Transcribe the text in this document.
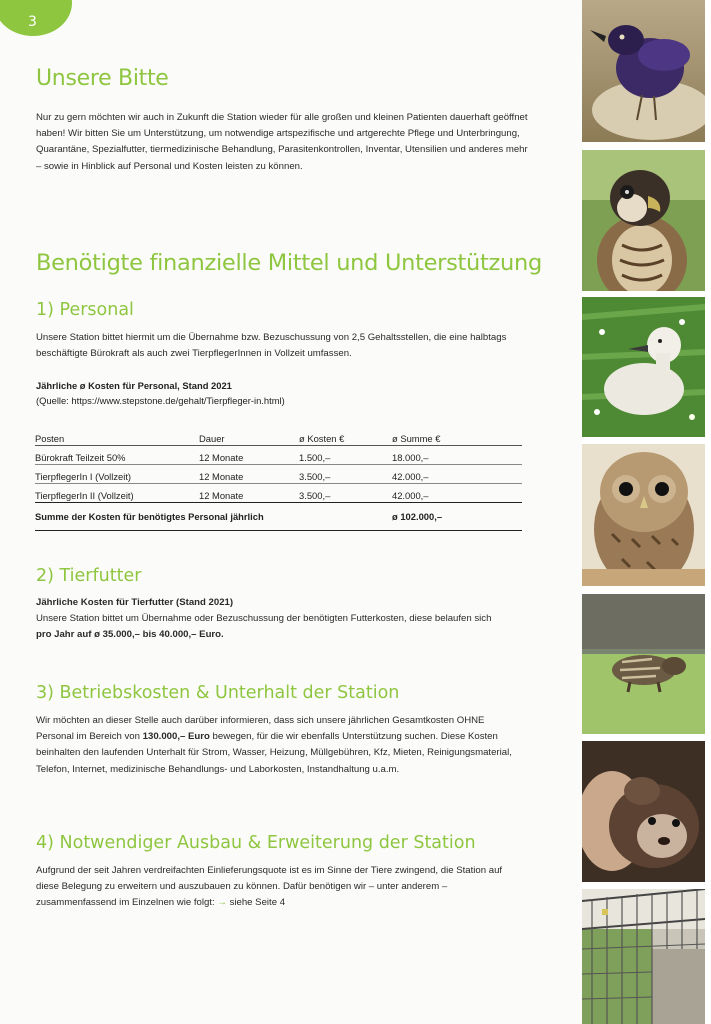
3
Unsere Bitte

Nur zu gern möchten wir auch in Zukunft die Station wieder für alle großen und kleinen Patienten dauerhaft geöffnet haben! Wir bitten Sie um Unterstützung, um notwendige artspezifische und artgerechte Pflege und Unterbringung, Quarantäne, Spezialfutter, tiermedizinische Behandlung, Parasitenkontrollen, Inventar, Utensilien und anderes mehr – sowie in Hinblick auf Personal und Kosten leisten zu können.

Benötigte finanzielle Mittel und Unterstützung
1) Personal

Unsere Station bittet hiermit um die Übernahme bzw. Bezuschussung von 2,5 Gehaltsstellen, die eine halbtags beschäftigte Bürokraft als auch zwei TierpflegerInnen in Vollzeit umfassen.

Jährliche ø Kosten für Personal, Stand 2021
(Quelle: https://www.stepstone.de/gehalt/Tierpfleger-in.html)
Posten	Dauer	ø Kosten €	ø Summe €
Bürokraft Teilzeit 50%	12 Monate	1.500,–	18.000,–
TierpflegerIn I (Vollzeit)	12 Monate	3.500,–	42.000,–
TierpflegerIn II (Vollzeit)	12 Monate	3.500,–	42.000,–
Summe der Kosten für benötigtes Personal jährlich			ø 102.000,–
2) Tierfutter

Jährliche Kosten für Tierfutter (Stand 2021)

Unsere Station bittet um Übernahme oder Bezuschussung der benötigten Futterkosten, diese belaufen sich pro Jahr auf ø 35.000,– bis 40.000,– Euro.

3) Betriebskosten & Unterhalt der Station

Wir möchten an dieser Stelle auch darüber informieren, dass sich unsere jährlichen Gesamtkosten OHNE Personal im Bereich von 130.000,– Euro bewegen, für die wir ebenfalls Unterstützung suchen. Diese Kosten beinhalten den laufenden Unterhalt für Strom, Wasser, Heizung, Müllgebühren, Kfz, Mieten, Reinigungsmaterial, Telefon, Internet, medizinische Behandlungs- und Laborkosten, Instandhaltung u.a.m.

4) Notwendiger Ausbau & Erweiterung der Station

Aufgrund der seit Jahren verdreifachten Einlieferungsquote ist es im Sinne der Tiere zwingend, die Station auf diese Belegung zu erweitern und auszubauen zu können. Dafür benötigen wir – unter anderem – zusammenfassend im Einzelnen wie folgt: → siehe Seite 4
